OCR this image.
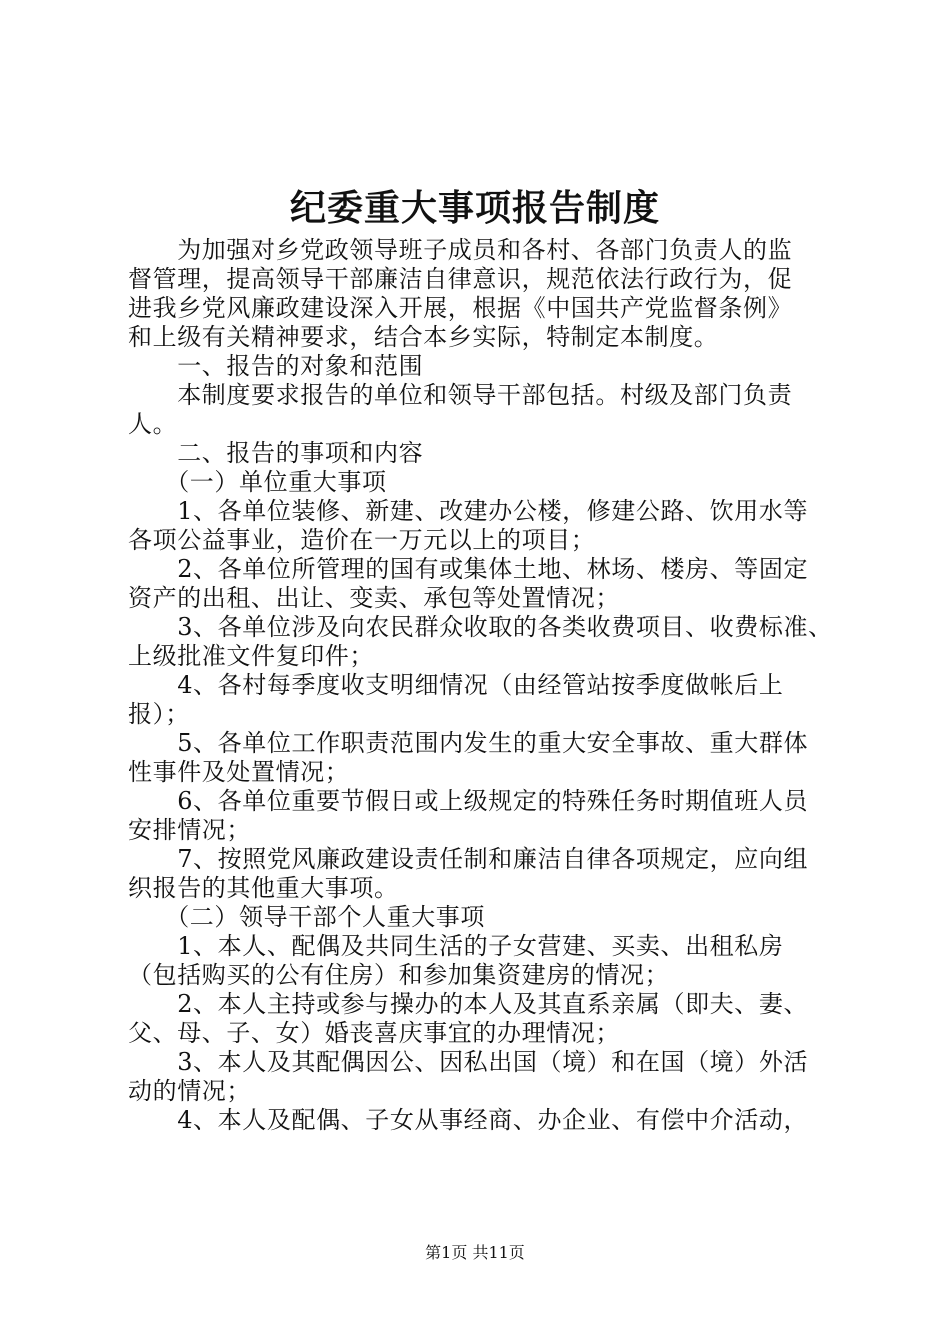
纪委重大事项报告制度

　　为加强对乡党政领导班子成员和各村、各部门负责人的监

督管理，提高领导干部廉洁自律意识，规范依法行政行为，促

进我乡党风廉政建设深入开展，根据《中国共产党监督条例》

和上级有关精神要求，结合本乡实际，特制定本制度。

　　一、报告的对象和范围

　　本制度要求报告的单位和领导干部包括。村级及部门负责

人。

　　二、报告的事项和内容

　　（一）单位重大事项

　　1、各单位装修、新建、改建办公楼，修建公路、饮用水等

各项公益事业，造价在一万元以上的项目；

　　2、各单位所管理的国有或集体土地、林场、楼房、等固定

资产的出租、出让、变卖、承包等处置情况；

　　3、各单位涉及向农民群众收取的各类收费项目、收费标准、

上级批准文件复印件；

　　4、各村每季度收支明细情况（由经管站按季度做帐后上

报）；

　　5、各单位工作职责范围内发生的重大安全事故、重大群体

性事件及处置情况；

　　6、各单位重要节假日或上级规定的特殊任务时期值班人员

安排情况；

　　7、按照党风廉政建设责任制和廉洁自律各项规定，应向组

织报告的其他重大事项。

　　（二）领导干部个人重大事项

　　1、本人、配偶及共同生活的子女营建、买卖、出租私房

（包括购买的公有住房）和参加集资建房的情况；

　　2、本人主持或参与操办的本人及其直系亲属（即夫、妻、

父、母、子、女）婚丧喜庆事宜的办理情况；

　　3、本人及其配偶因公、因私出国（境）和在国（境）外活

动的情况；

　　4、本人及配偶、子女从事经商、办企业、有偿中介活动，

第1页 共11页
